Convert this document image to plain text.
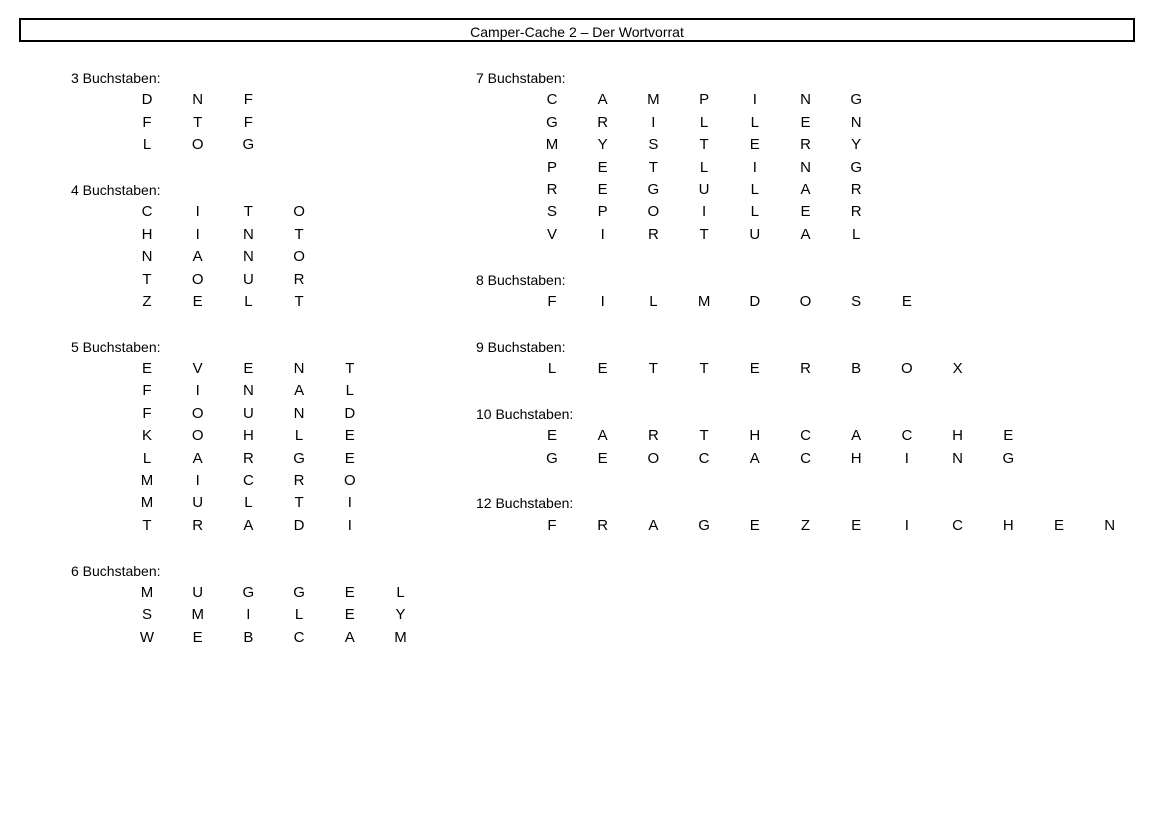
Camper-Cache 2 – Der Wortvorrat
3 Buchstaben:
D	N	F
F	T	F
L	O	G
4 Buchstaben:
C	I	T	O
H	I	N	T
N	A	N	O
T	O	U	R
Z	E	L	T
5 Buchstaben:
E	V	E	N	T
F	I	N	A	L
F	O	U	N	D
K	O	H	L	E
L	A	R	G	E
M	I	C	R	O
M	U	L	T	I
T	R	A	D	I
6 Buchstaben:
M	U	G	G	E	L
S	M	I	L	E	Y
W	E	B	C	A	M
7 Buchstaben:
C	A	M	P	I	N	G
G	R	I	L	L	E	N
M	Y	S	T	E	R	Y
P	E	T	L	I	N	G
R	E	G	U	L	A	R
S	P	O	I	L	E	R
V	I	R	T	U	A	L
8 Buchstaben:
F	I	L	M	D	O	S	E
9 Buchstaben:
L	E	T	T	E	R	B	O	X
10 Buchstaben:
E	A	R	T	H	C	A	C	H	E
G	E	O	C	A	C	H	I	N	G
12 Buchstaben:
F	R	A	G	E	Z	E	I	C	H	E	N
